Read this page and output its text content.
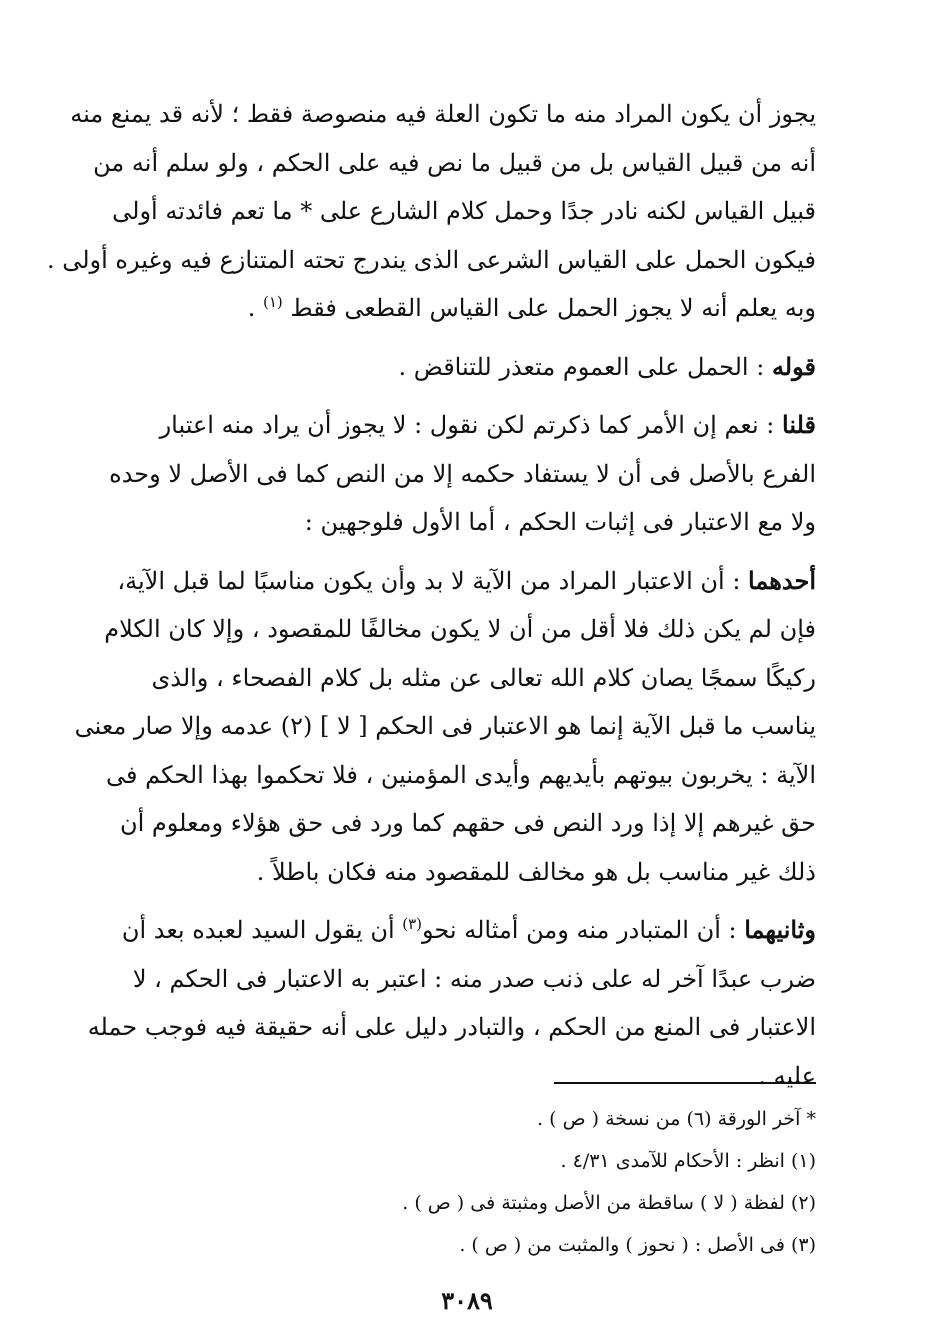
يجوز أن يكون المراد منه ما تكون العلة فيه منصوصة فقط ؛ لأنه قد يمنع منه
أنه من قبيل القياس بل من قبيل ما نص فيه على الحكم ، ولو سلم أنه من
قبيل القياس لكنه نادر جدًا وحمل كلام الشارع على * ما تعم فائدته أولى
فيكون الحمل على القياس الشرعى الذى يندرج تحته المتنازع فيه وغيره أولى .
وبه يعلم أنه لا يجوز الحمل على القياس القطعى فقط $^{(١)}$ .

قوله : الحمل على العموم متعذر للتناقض .

قلنا : نعم إن الأمر كما ذكرتم لكن نقول : لا يجوز أن يراد منه اعتبار
الفرع بالأصل فى أن لا يستفاد حكمه إلا من النص كما فى الأصل لا وحده
ولا مع الاعتبار فى إثبات الحكم ، أما الأول فلوجهين :

أحدهما : أن الاعتبار المراد من الآية لا بد وأن يكون مناسبًا لما قبل الآية،
فإن لم يكن ذلك فلا أقل من أن لا يكون مخالفًا للمقصود ، وإلا كان الكلام
ركيكًا سمجًا يصان كلام الله تعالى عن مثله بل كلام الفصحاء ، والذى
يناسب ما قبل الآية إنما هو الاعتبار فى الحكم [ لا ] (٢) عدمه وإلا صار معنى
الآية : يخربون بيوتهم بأيديهم وأيدى المؤمنين ، فلا تحكموا بهذا الحكم فى
حق غيرهم إلا إذا ورد النص فى حقهم كما ورد فى حق هؤلاء ومعلوم أن
ذلك غير مناسب بل هو مخالف للمقصود منه فكان باطلاً .

وثانيهما : أن المتبادر منه ومن أمثاله نحو$^{(٣)}$ أن يقول السيد لعبده بعد أن
ضرب عبدًا آخر له على ذنب صدر منه : اعتبر به الاعتبار فى الحكم ، لا
الاعتبار فى المنع من الحكم ، والتبادر دليل على أنه حقيقة فيه فوجب حمله
عليه .

* آخر الورقة (٦) من نسخة ( ص ) .
(١) انظر : الأحكام للآمدى ٤/٣١ .
(٢) لفظة ( لا ) ساقطة من الأصل ومثبتة فى ( ص ) .
(٣) فى الأصل : ( نحوز ) والمثبت من ( ص ) .
٣٠٨٩
